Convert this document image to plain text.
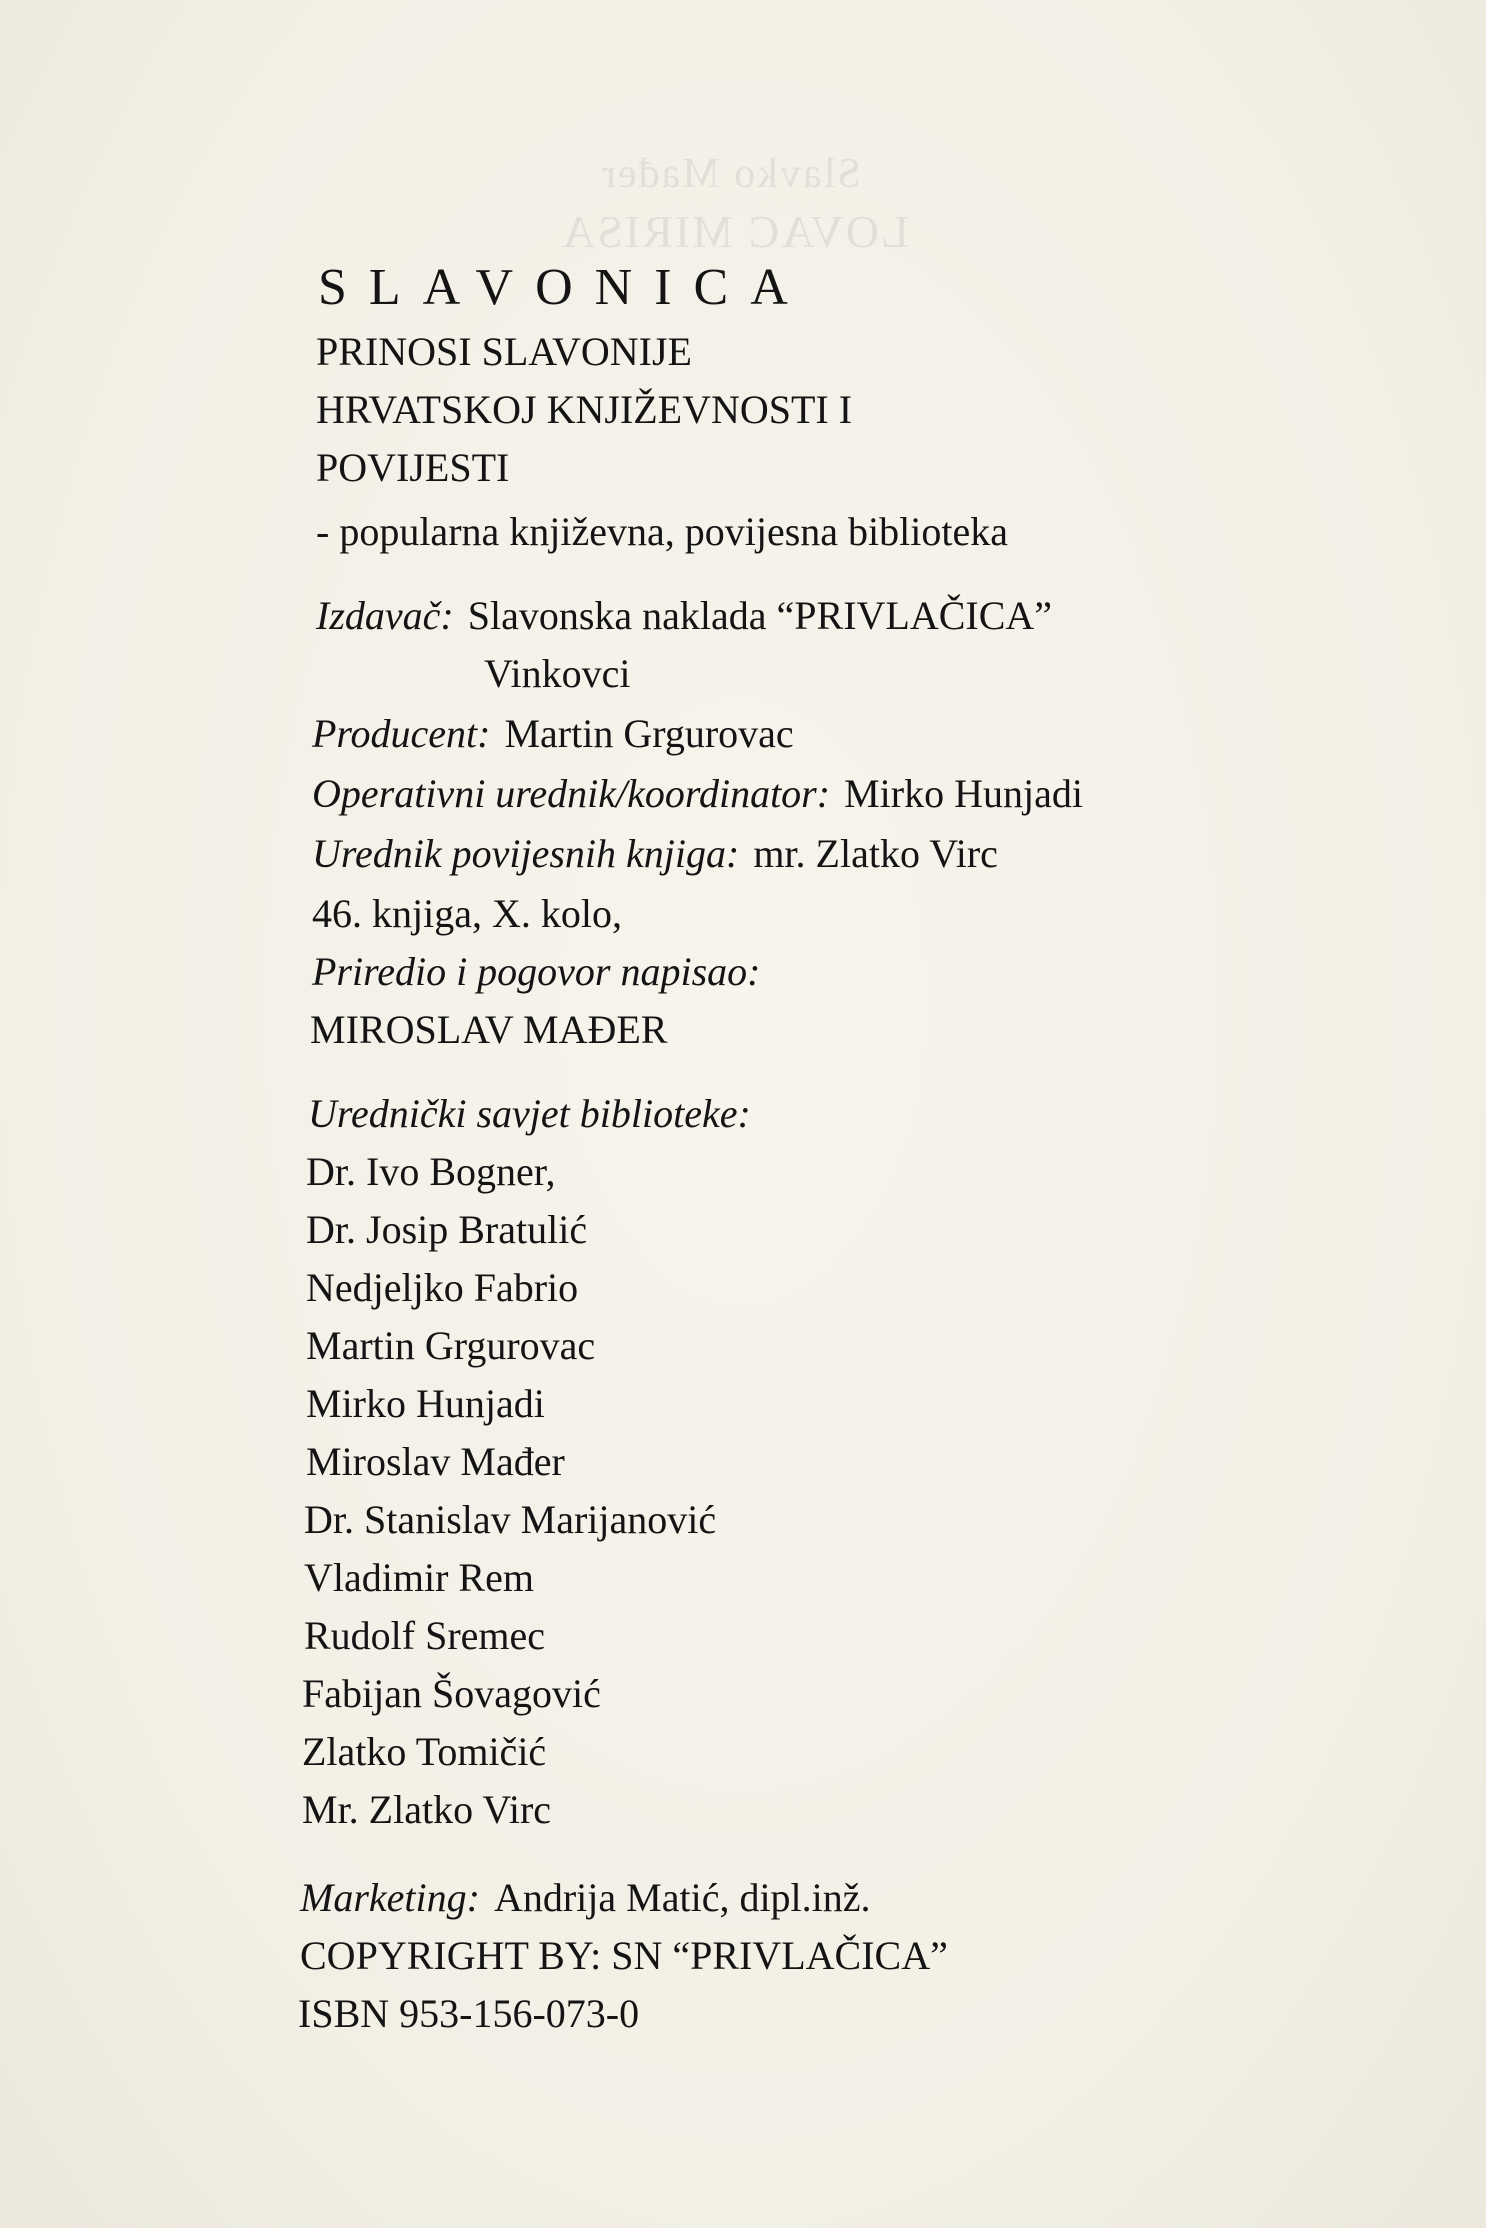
Slavko Mađer
LOVAC MIRISA
SLAVONICA
PRINOSI SLAVONIJE
HRVATSKOJ KNJIŽEVNOSTI I
POVIJESTI
- popularna književna, povijesna biblioteka
Izdavač: Slavonska naklada “PRIVLAČICA”
Vinkovci
Producent: Martin Grgurovac
Operativni urednik/koordinator: Mirko Hunjadi
Urednik povijesnih knjiga: mr. Zlatko Virc
46. knjiga, X. kolo,
Priredio i pogovor napisao:
MIROSLAV MAĐER
Urednički savjet biblioteke:
Dr. Ivo Bogner,
Dr. Josip Bratulić
Nedjeljko Fabrio
Martin Grgurovac
Mirko Hunjadi
Miroslav Mađer
Dr. Stanislav Marijanović
Vladimir Rem
Rudolf Sremec
Fabijan Šovagović
Zlatko Tomičić
Mr. Zlatko Virc
Marketing: Andrija Matić, dipl.inž.
COPYRIGHT BY: SN “PRIVLAČICA”
ISBN 953-156-073-0
